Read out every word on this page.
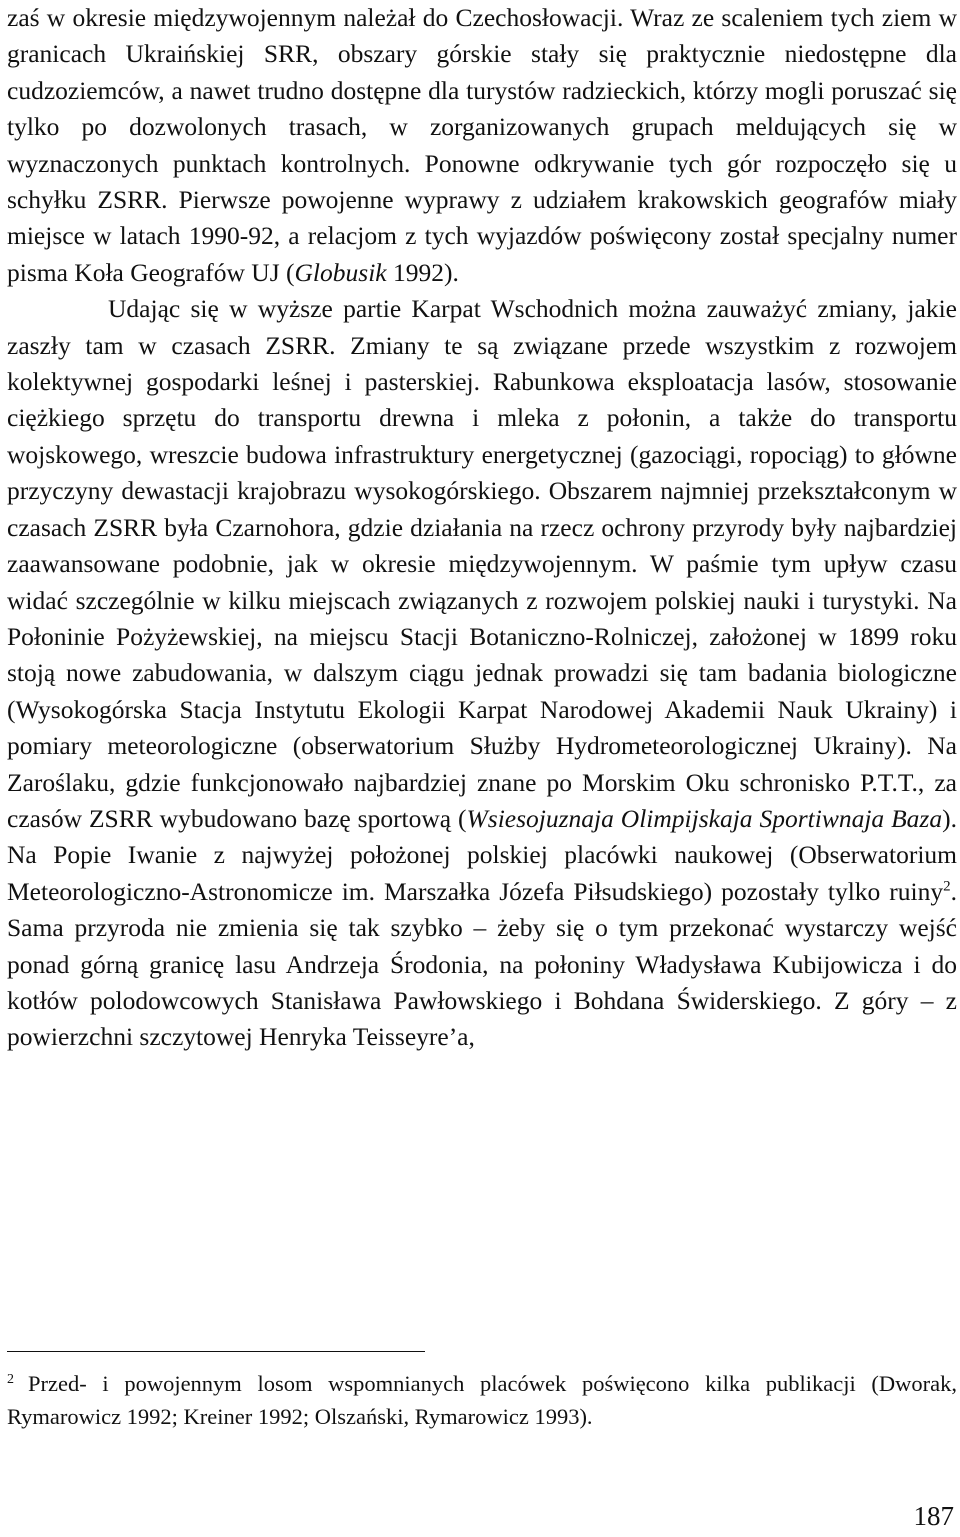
zaś w okresie międzywojennym należał do Czechosłowacji. Wraz ze scaleniem tych ziem w granicach Ukraińskiej SRR, obszary górskie stały się praktycznie niedostępne dla cudzoziemców, a nawet trudno dostępne dla turystów radzieckich, którzy mogli poruszać się tylko po dozwolonych trasach, w zorganizowanych grupach meldujących się w wyznaczonych punktach kontrolnych. Ponowne odkrywanie tych gór rozpoczęło się u schyłku ZSRR. Pierwsze powojenne wyprawy z udziałem krakowskich geografów miały miejsce w latach 1990-92, a relacjom z tych wyjazdów poświęcony został specjalny numer pisma Koła Geografów UJ (Globusik 1992).

Udając się w wyższe partie Karpat Wschodnich można zauważyć zmiany, jakie zaszły tam w czasach ZSRR. Zmiany te są związane przede wszystkim z rozwojem kolektywnej gospodarki leśnej i pasterskiej. Rabunkowa eksploatacja lasów, stosowanie ciężkiego sprzętu do transportu drewna i mleka z połonin, a także do transportu wojskowego, wreszcie budowa infrastruktury energetycznej (gazociągi, ropociąg) to główne przyczyny dewastacji krajobrazu wysokogórskiego. Obszarem najmniej przekształconym w czasach ZSRR była Czarnohora, gdzie działania na rzecz ochrony przyrody były najbardziej zaawansowane podobnie, jak w okresie międzywojennym. W paśmie tym upływ czasu widać szczególnie w kilku miejscach związanych z rozwojem polskiej nauki i turystyki. Na Połoninie Pożyżewskiej, na miejscu Stacji Botaniczno-Rolniczej, założonej w 1899 roku stoją nowe zabudowania, w dalszym ciągu jednak prowadzi się tam badania biologiczne (Wysokogórska Stacja Instytutu Ekologii Karpat Narodowej Akademii Nauk Ukrainy) i pomiary meteorologiczne (obserwatorium Służby Hydrometeorologicznej Ukrainy). Na Zaroślaku, gdzie funkcjonowało najbardziej znane po Morskim Oku schronisko P.T.T., za czasów ZSRR wybudowano bazę sportową (Wsiesojuznaja Olimpijskaja Sportiwnaja Baza). Na Popie Iwanie z najwyżej położonej polskiej placówki naukowej (Obserwatorium Meteorologiczno-Astronomicze im. Marszałka Józefa Piłsudskiego) pozostały tylko ruiny$^2$. Sama przyroda nie zmienia się tak szybko – żeby się o tym przekonać wystarczy wejść ponad górną granicę lasu Andrzeja Środonia, na połoniny Władysława Kubijowicza i do kotłów polodowcowych Stanisława Pawłowskiego i Bohdana Świderskiego. Z góry – z powierzchni szczytowej Henryka Teisseyre’a,

$^2$ Przed- i powojennym losom wspomnianych placówek poświęcono kilka publikacji (Dworak, Rymarowicz 1992; Kreiner 1992; Olszański, Rymarowicz 1993).
187
